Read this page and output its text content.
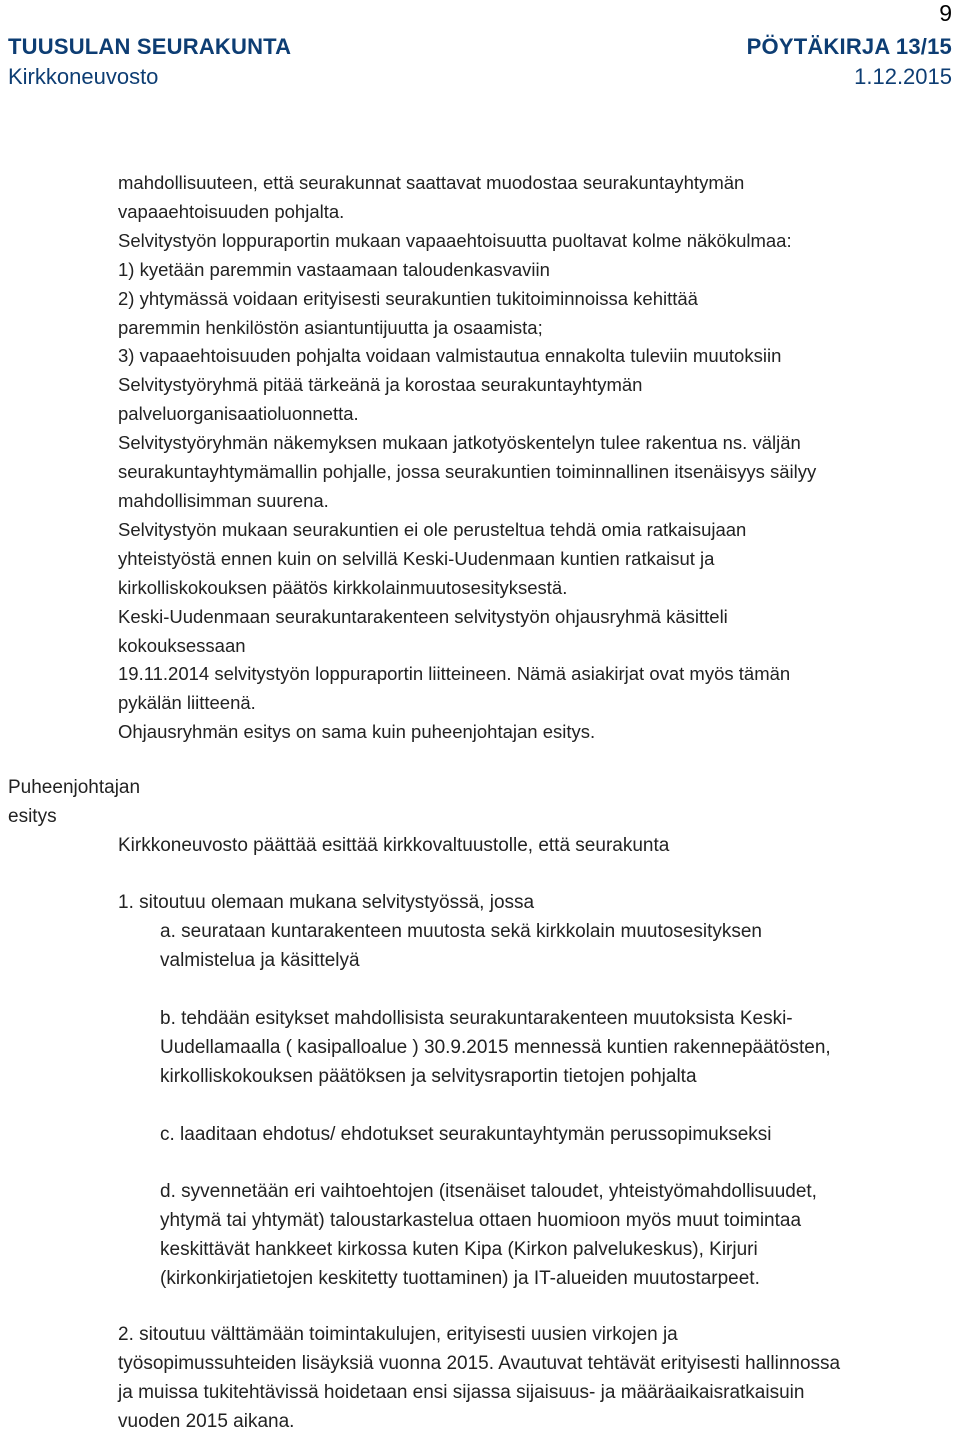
9
TUUSULAN SEURAKUNTA
Kirkkoneuvosto
PÖYTÄKIRJA 13/15
1.12.2015

mahdollisuuteen, että seurakunnat saattavat muodostaa seurakuntayhtymän

vapaaehtoisuuden pohjalta.

Selvitystyön loppuraportin mukaan vapaaehtoisuutta puoltavat kolme näkökulmaa:

1) kyetään paremmin vastaamaan taloudenkasvaviin

2) yhtymässä voidaan erityisesti seurakuntien tukitoiminnoissa kehittää

paremmin henkilöstön asiantuntijuutta ja osaamista;

3) vapaaehtoisuuden pohjalta voidaan valmistautua ennakolta tuleviin muutoksiin

Selvitystyöryhmä pitää tärkeänä ja korostaa seurakuntayhtymän

palveluorganisaatioluonnetta.

Selvitystyöryhmän näkemyksen mukaan jatkotyöskentelyn tulee rakentua ns. väljän

seurakuntayhtymämallin pohjalle, jossa seurakuntien toiminnallinen itsenäisyys säilyy

mahdollisimman suurena.

Selvitystyön mukaan seurakuntien ei ole perusteltua tehdä omia ratkaisujaan

yhteistyöstä ennen kuin on selvillä Keski-Uudenmaan kuntien ratkaisut ja

kirkolliskokouksen päätös kirkkolainmuutosesityksestä.

Keski-Uudenmaan seurakuntarakenteen selvitystyön ohjausryhmä käsitteli

kokouksessaan

19.11.2014 selvitystyön loppuraportin liitteineen. Nämä asiakirjat ovat myös tämän

pykälän liitteenä.

Ohjausryhmän esitys on sama kuin puheenjohtajan esitys.

Puheenjohtajan
esitys
Kirkkoneuvosto päättää esittää kirkkovaltuustolle, että seurakunta
1. sitoutuu olemaan mukana selvitystyössä, jossa

a. seurataan kuntarakenteen muutosta sekä kirkkolain muutosesityksen

valmistelua ja käsittelyä

b. tehdään esitykset mahdollisista seurakuntarakenteen muutoksista Keski-

Uudellamaalla ( kasipalloalue ) 30.9.2015 mennessä kuntien rakennepäätösten,

kirkolliskokouksen päätöksen ja selvitysraportin tietojen pohjalta

c. laaditaan ehdotus/ ehdotukset seurakuntayhtymän perussopimukseksi

d. syvennetään eri vaihtoehtojen (itsenäiset taloudet, yhteistyömahdollisuudet,

yhtymä tai yhtymät) taloustarkastelua ottaen huomioon myös muut toimintaa

keskittävät hankkeet kirkossa kuten Kipa (Kirkon palvelukeskus), Kirjuri

(kirkonkirjatietojen keskitetty tuottaminen) ja IT-alueiden muutostarpeet.

2. sitoutuu välttämään toimintakulujen, erityisesti uusien virkojen ja

työsopimussuhteiden lisäyksiä vuonna 2015. Avautuvat tehtävät erityisesti hallinnossa

ja muissa tukitehtävissä hoidetaan ensi sijassa sijaisuus- ja määräaikaisratkaisuin

vuoden 2015 aikana.
